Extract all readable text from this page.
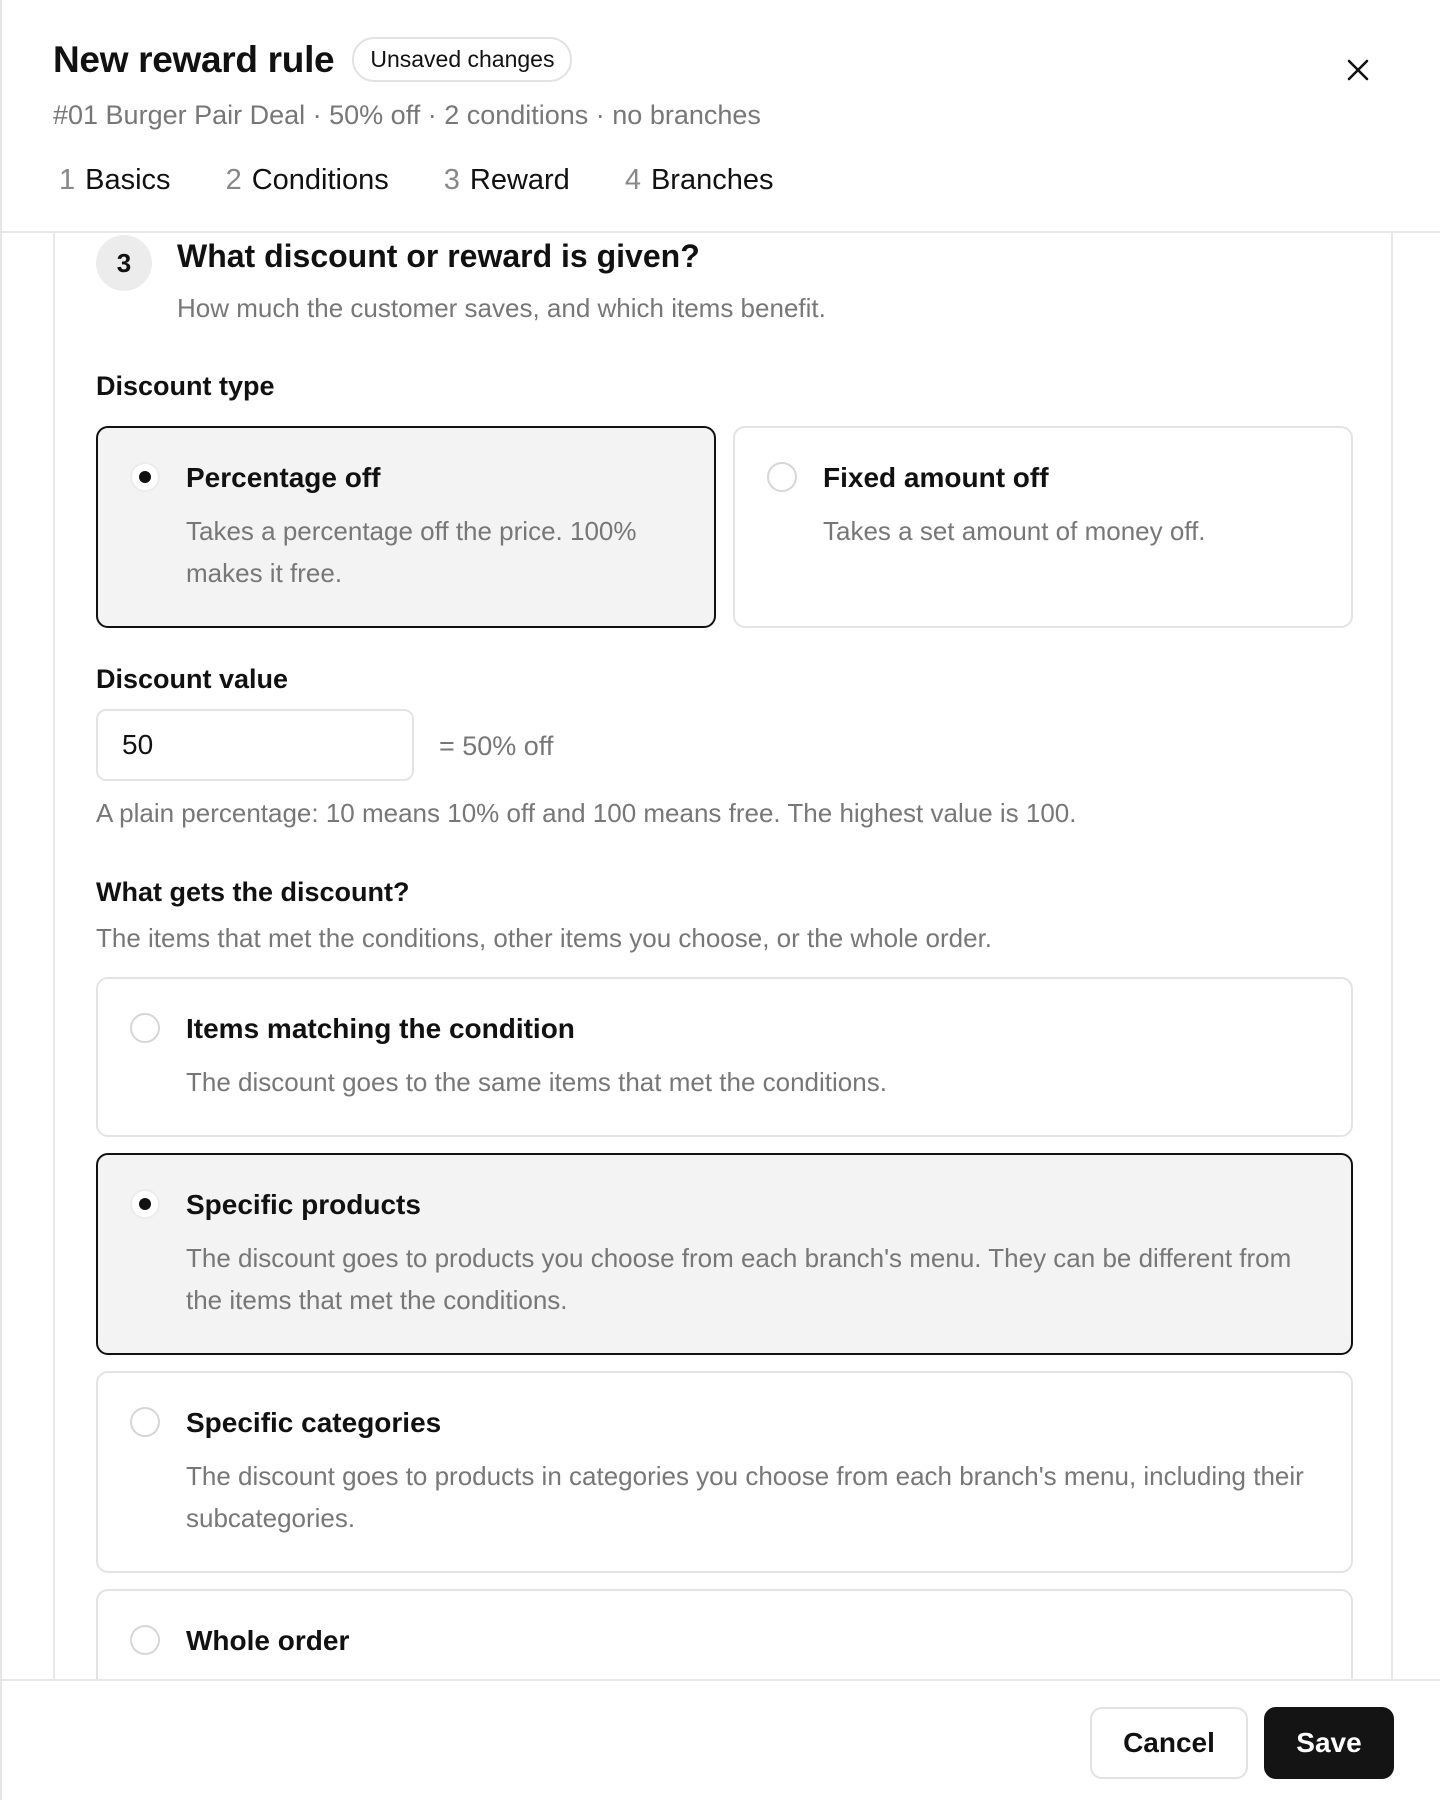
New reward rule	Unsaved changes
#01 Burger Pair Deal · 50% off · 2 conditions · no branches
1 Basics 2 Conditions 3 Reward 4 Branches
3	What discount or reward is given?
How much the customer saves, and which items benefit.
Discount type
Percentage off
Takes a percentage off the price. 100% makes it free.
Fixed amount off
Takes a set amount of money off.
Discount value
50	= 50% off
A plain percentage: 10 means 10% off and 100 means free. The highest value is 100.
What gets the discount?
The items that met the conditions, other items you choose, or the whole order.
Items matching the condition
The discount goes to the same items that met the conditions.
Specific products
The discount goes to products you choose from each branch's menu. They can be different from the items that met the conditions.
Specific categories
The discount goes to products in categories you choose from each branch's menu, including their subcategories.
Whole order
Cancel	Save
